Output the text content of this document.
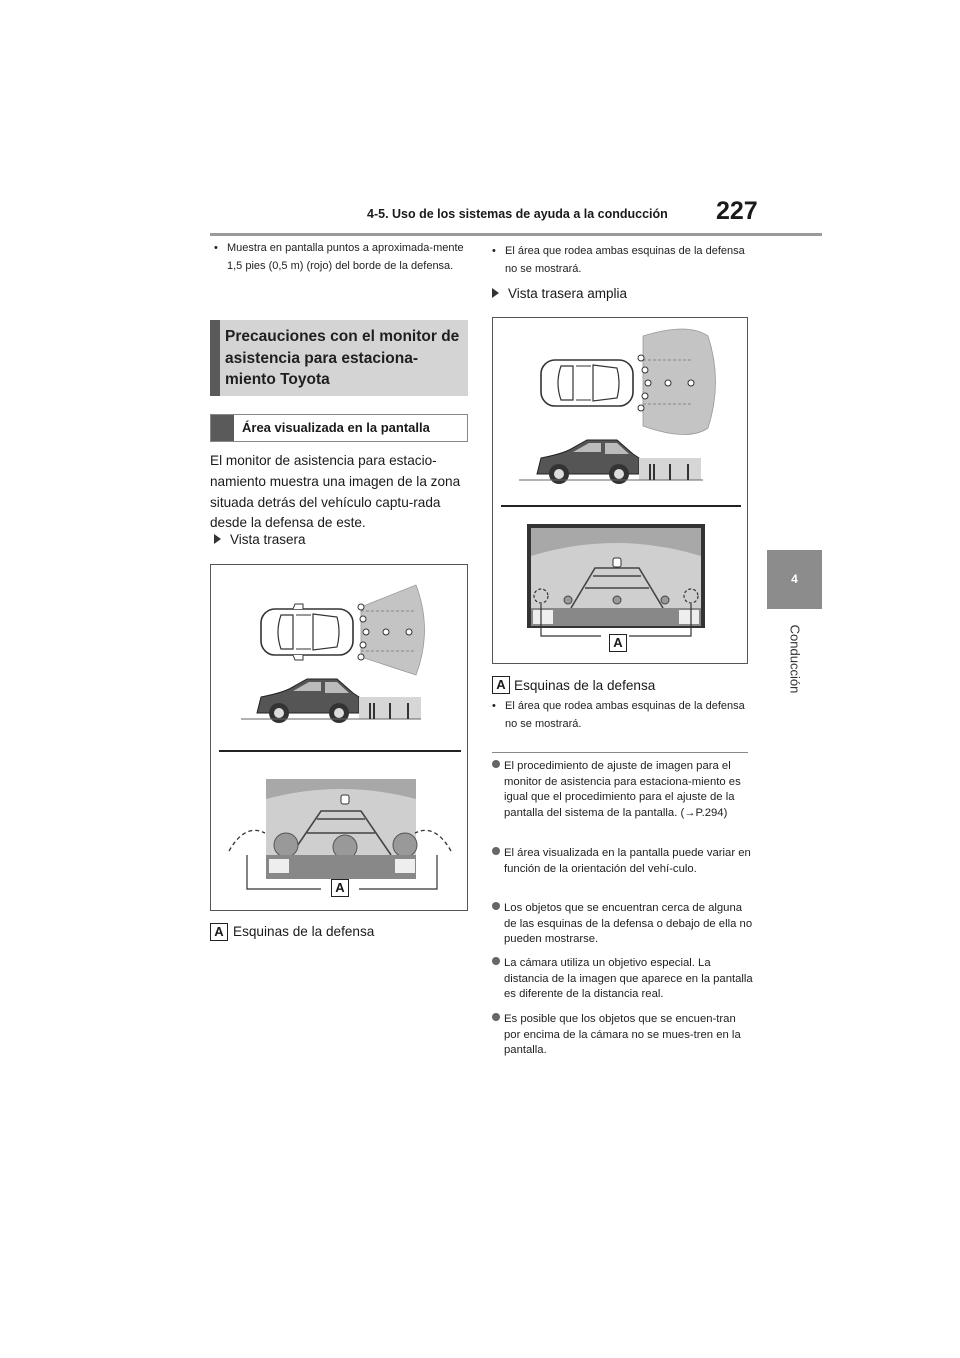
4-5. Uso de los sistemas de ayuda a la conducción 227
4
Conducción
• Muestra en pantalla puntos a aproximada-mente 1,5 pies (0,5 m) (rojo) del borde de la defensa.
Precauciones con el monitor de asistencia para estaciona-miento Toyota
Área visualizada en la pantalla
El monitor de asistencia para estacio-namiento muestra una imagen de la zona situada detrás del vehículo captu-rada desde la defensa de este.
Vista trasera
A
A Esquinas de la defensa
• El área que rodea ambas esquinas de la defensa no se mostrará.
Vista trasera amplia
A
A Esquinas de la defensa
• El área que rodea ambas esquinas de la defensa no se mostrará.
El procedimiento de ajuste de imagen para el monitor de asistencia para estaciona-miento es igual que el procedimiento para el ajuste de la pantalla del sistema de la pantalla. (→P.294)
El área visualizada en la pantalla puede variar en función de la orientación del vehí-culo.
Los objetos que se encuentran cerca de alguna de las esquinas de la defensa o debajo de ella no pueden mostrarse.
La cámara utiliza un objetivo especial. La distancia de la imagen que aparece en la pantalla es diferente de la distancia real.
Es posible que los objetos que se encuen-tran por encima de la cámara no se mues-tren en la pantalla.
